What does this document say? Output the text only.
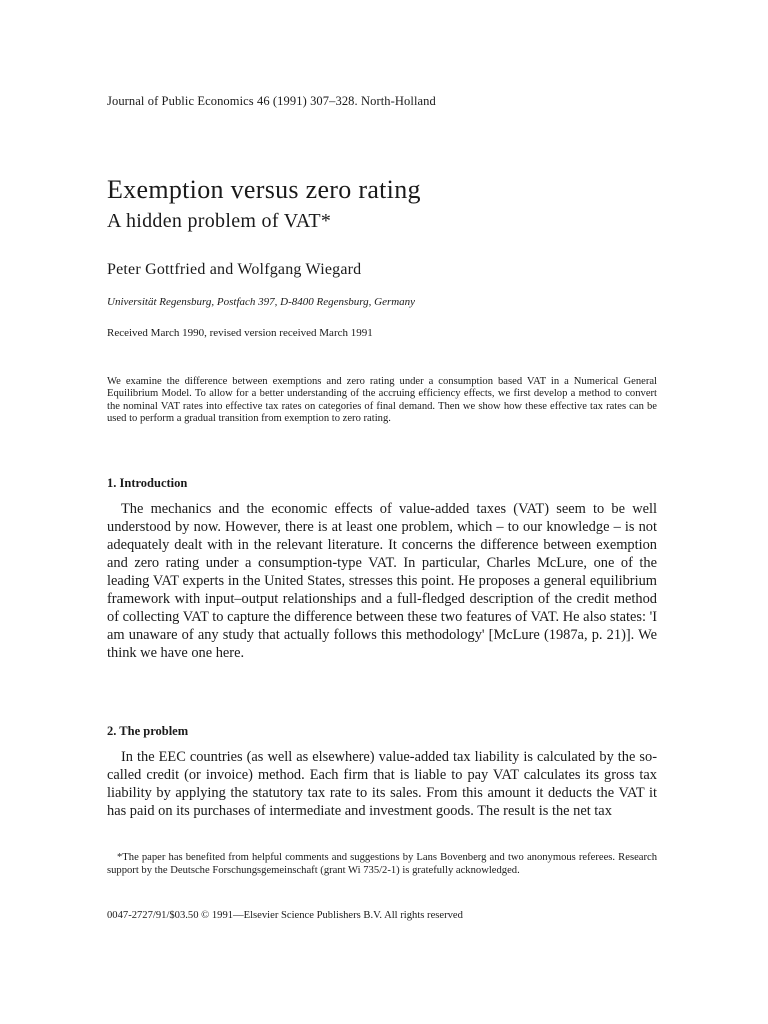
Journal of Public Economics 46 (1991) 307–328. North-Holland
Exemption versus zero rating
A hidden problem of VAT*
Peter Gottfried and Wolfgang Wiegard
Universität Regensburg, Postfach 397, D-8400 Regensburg, Germany
Received March 1990, revised version received March 1991

We examine the difference between exemptions and zero rating under a consumption based VAT in a Numerical General Equilibrium Model. To allow for a better understanding of the accruing efficiency effects, we first develop a method to convert the nominal VAT rates into effective tax rates on categories of final demand. Then we show how these effective tax rates can be used to perform a gradual transition from exemption to zero rating.

1. Introduction

The mechanics and the economic effects of value-added taxes (VAT) seem to be well understood by now. However, there is at least one problem, which – to our knowledge – is not adequately dealt with in the relevant literature. It concerns the difference between exemption and zero rating under a consumption-type VAT. In particular, Charles McLure, one of the leading VAT experts in the United States, stresses this point. He proposes a general equilibrium framework with input–output relationships and a full-fledged description of the credit method of collecting VAT to capture the difference between these two features of VAT. He also states: 'I am unaware of any study that actually follows this methodology' [McLure (1987a, p. 21)]. We think we have one here.

2. The problem

In the EEC countries (as well as elsewhere) value-added tax liability is calculated by the so-called credit (or invoice) method. Each firm that is liable to pay VAT calculates its gross tax liability by applying the statutory tax rate to its sales. From this amount it deducts the VAT it has paid on its purchases of intermediate and investment goods. The result is the net tax

*The paper has benefited from helpful comments and suggestions by Lans Bovenberg and two anonymous referees. Research support by the Deutsche Forschungsgemeinschaft (grant Wi 735/2-1) is gratefully acknowledged.

0047-2727/91/$03.50 © 1991—Elsevier Science Publishers B.V. All rights reserved
